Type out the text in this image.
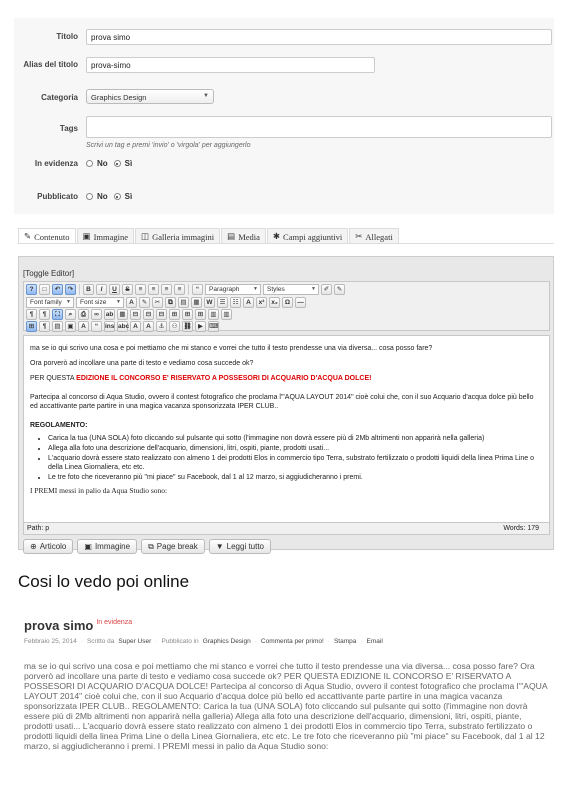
Titolo	prova simo
Alias del titolo	prova-simo
Categoria	Graphics Design	▼
Tags
Scrivi un tag e premi 'invio' o 'virgola' per aggiungerlo
In evidenza No Sì
Pubblicato No Sì
✎ Contenuto ▣ Immagine ◫ Galleria immagini ▤ Media ✱ Campi aggiuntivi ✂ Allegati
[Toggle Editor]
?	□	↶	↷	B	I	U	S	≡	≡	≡	≡	“	Paragraph	▼	Styles	▼	✐	✎
Font family ▼	Font size ▼	A	✎	✂	⧉	▤	▦	W	☰	☷	A	x²	x₂	Ω	—
¶	¶	⛶	⌕	⎙	∞	ab ▦	⊟	⊟	⊟	⊞	⊞	⊞	▥	▥
⊞	¶	▤	▣	A	“	ins abc A	A	⚓	⚇ ⛓ ▶ ⌨

ma se io qui scrivo una cosa e poi mettiamo che mi stanco e vorrei che tutto il testo prendesse una via diversa... cosa posso fare?

Ora porverò ad incollare una parte di testo e vediamo cosa succede ok?

PER QUESTA EDIZIONE IL CONCORSO E' RISERVATO A POSSESORI DI ACQUARIO D'ACQUA DOLCE!

Partecipa al concorso di Aqua Studio, ovvero il contest fotografico che proclama l'"AQUA LAYOUT 2014" cioè colui che, con il suo Acquario d'acqua dolce più bello ed accattivante parte partire in una magica vacanza sponsorizzata IPER CLUB..

REGOLAMENTO:

• Carica la tua (UNA SOLA) foto cliccando sul pulsante qui sotto (l'immagine non dovrà essere più di 2Mb altrimenti non apparirà nella galleria)
• Allega alla foto una descrizione dell'acquario, dimensioni, litri, ospiti, piante, prodotti usati...
• L'acquario dovrà essere stato realizzato con almeno 1 dei prodotti Elos in commercio tipo Terra, substrato fertilizzato o prodotti liquidi della linea Prima Line o della Linea Giornaliera, etc etc.
• Le tre foto che riceveranno più "mi piace" su Facebook, dal 1 al 12 marzo, si aggiudicheranno i premi.

I PREMI messi in palio da Aqua Studio sono:

Path: p	Words: 179
⊕ Articolo ▣ Immagine ⧉ Page break ▼ Leggi tutto
Cosi lo vedo poi online
prova simo In evidenza
Febbraio 25, 2014 · Scritto da Super User · Pubblicato in Graphics Design · Commenta per primo! · Stampa · Email
ma se io qui scrivo una cosa e poi mettiamo che mi stanco e vorrei che tutto il testo prendesse una via diversa... cosa posso fare? Ora porverò ad incollare una parte di testo e vediamo cosa succede ok? PER QUESTA EDIZIONE IL CONCORSO E' RISERVATO A POSSESORI DI ACQUARIO D'ACQUA DOLCE! Partecipa al concorso di Aqua Studio, ovvero il contest fotografico che proclama l'"AQUA LAYOUT 2014" cioè colui che, con il suo Acquario d'acqua dolce più bello ed accattivante parte partire in una magica vacanza sponsorizzata IPER CLUB.. REGOLAMENTO: Carica la tua (UNA SOLA) foto cliccando sul pulsante qui sotto (l'immagine non dovrà essere più di 2Mb altrimenti non apparirà nella galleria) Allega alla foto una descrizione dell'acquario, dimensioni, litri, ospiti, piante, prodotti usati... L'acquario dovrà essere stato realizzato con almeno 1 dei prodotti Elos in commercio tipo Terra, substrato fertilizzato o prodotti liquidi della linea Prima Line o della Linea Giornaliera, etc etc. Le tre foto che riceveranno più "mi piace" su Facebook, dal 1 al 12 marzo, si aggiudicheranno i premi. I PREMI messi in palio da Aqua Studio sono:
